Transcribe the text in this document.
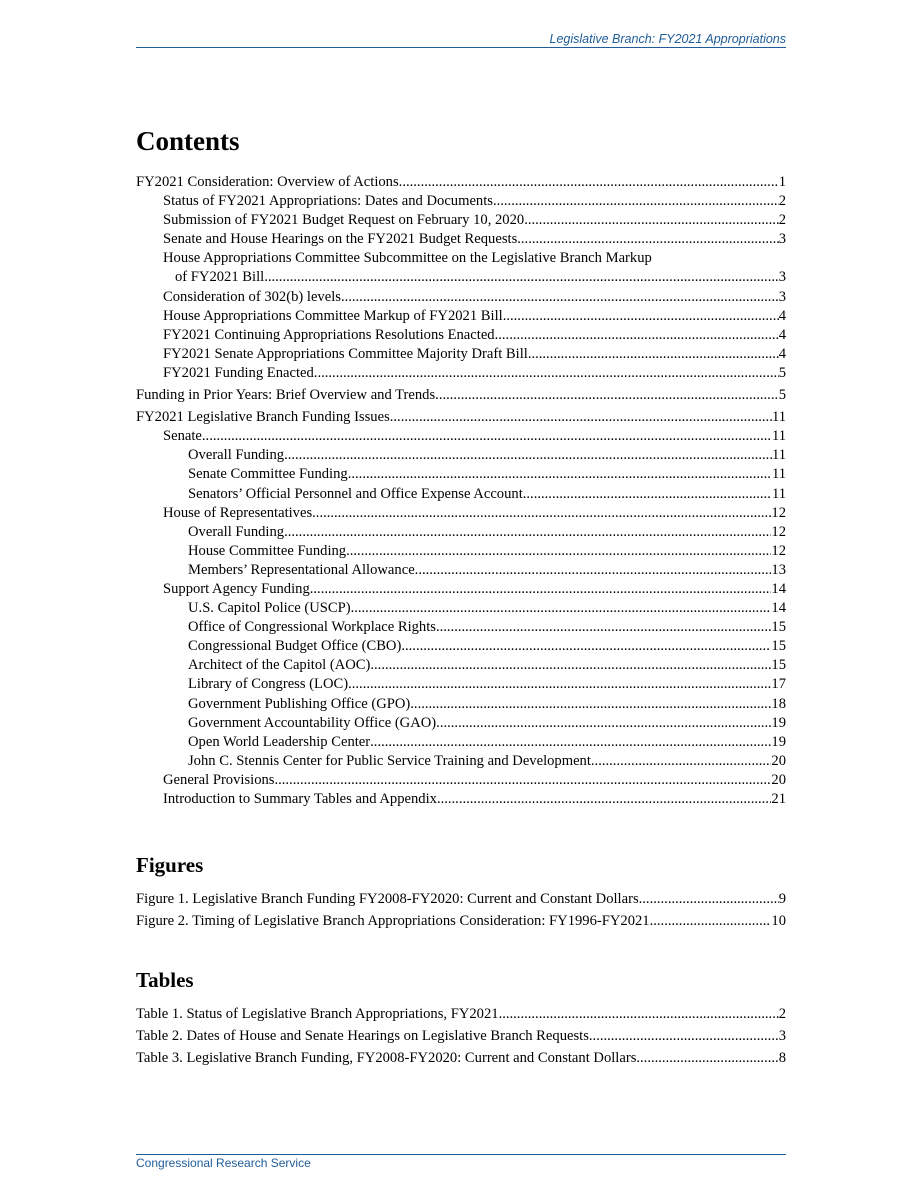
Legislative Branch: FY2021 Appropriations
Contents
FY2021 Consideration: Overview of Actions .....	1
Status of FY2021 Appropriations: Dates and Documents .....	2
Submission of FY2021 Budget Request on February 10, 2020 .....	2
Senate and House Hearings on the FY2021 Budget Requests .....	3
House Appropriations Committee Subcommittee on the Legislative Branch Markup
of FY2021 Bill .....	3
Consideration of 302(b) levels .....	3
House Appropriations Committee Markup of FY2021 Bill .....	4
FY2021 Continuing Appropriations Resolutions Enacted .....	4
FY2021 Senate Appropriations Committee Majority Draft Bill .....	4
FY2021 Funding Enacted .....	5
Funding in Prior Years: Brief Overview and Trends .....	5
FY2021 Legislative Branch Funding Issues .....	11
Senate .....	11
Overall Funding .....	11
Senate Committee Funding .....	11
Senators’ Official Personnel and Office Expense Account .....	11
House of Representatives .....	12
Overall Funding .....	12
House Committee Funding .....	12
Members’ Representational Allowance .....	13
Support Agency Funding .....	14
U.S. Capitol Police (USCP) .....	14
Office of Congressional Workplace Rights .....	15
Congressional Budget Office (CBO) .....	15
Architect of the Capitol (AOC) .....	15
Library of Congress (LOC) .....	17
Government Publishing Office (GPO) .....	18
Government Accountability Office (GAO) .....	19
Open World Leadership Center .....	19
John C. Stennis Center for Public Service Training and Development .....	20
General Provisions .....	20
Introduction to Summary Tables and Appendix .....	21
Figures
Figure 1. Legislative Branch Funding FY2008-FY2020: Current and Constant Dollars .....	9
Figure 2. Timing of Legislative Branch Appropriations Consideration: FY1996-FY2021 .....	10
Tables
Table 1. Status of Legislative Branch Appropriations, FY2021 .....	2
Table 2. Dates of House and Senate Hearings on Legislative Branch Requests .....	3
Table 3. Legislative Branch Funding, FY2008-FY2020: Current and Constant Dollars .....	8
Congressional Research Service
